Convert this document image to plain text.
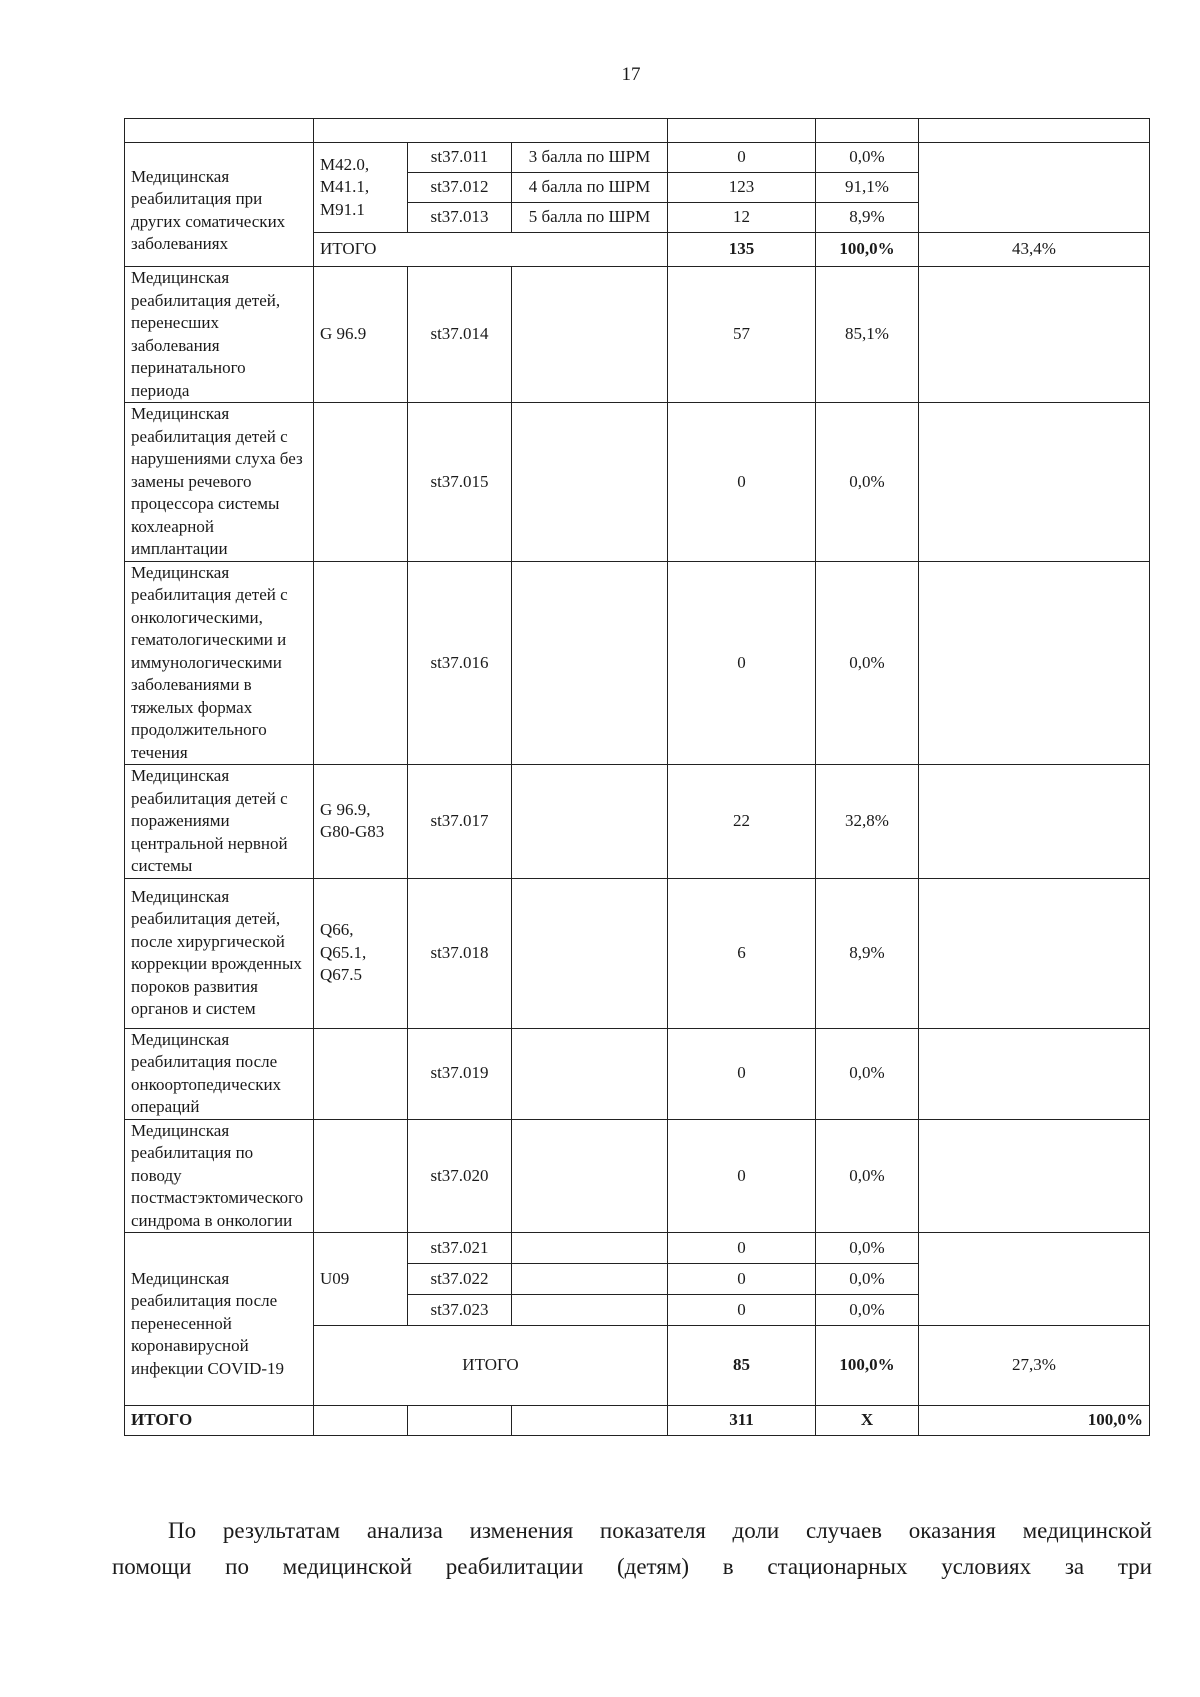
17

Медицинская реабилитация при других соматических заболеваниях	M42.0, M41.1, M91.1	st37.011	3 балла по ШРМ	0	0,0%	
		st37.012	4 балла по ШРМ	123	91,1%	
		st37.013	5 балла по ШРМ	12	8,9%	
	ИТОГО			135	100,0%	43,4%
Медицинская реабилитация детей, перенесших заболевания перинатального периода	G 96.9	st37.014		57	85,1%	
Медицинская реабилитация детей с нарушениями слуха без замены речевого процессора системы кохлеарной имплантации		st37.015		0	0,0%	
Медицинская реабилитация детей с онкологическими, гематологическими и иммунологическими заболеваниями в тяжелых формах продолжительного течения		st37.016		0	0,0%	
Медицинская реабилитация детей с поражениями центральной нервной системы	G 96.9, G80-G83	st37.017		22	32,8%	
Медицинская реабилитация детей, после хирургической коррекции врожденных пороков развития органов и систем	Q66, Q65.1, Q67.5	st37.018		6	8,9%	
Медицинская реабилитация после онкоортопедических операций		st37.019		0	0,0%	
Медицинская реабилитация по поводу постмастэктомического синдрома в онкологии		st37.020		0	0,0%	
Медицинская реабилитация после перенесенной коронавирусной инфекции COVID-19	U09	st37.021		0	0,0%	
		st37.022		0	0,0%	
		st37.023		0	0,0%	
	ИТОГО			85	100,0%	27,3%
ИТОГО				311	X	100,0%
По результатам анализа изменения показателя доли случаев оказания медицинской
помощи по медицинской реабилитации (детям) в стационарных условиях за три
